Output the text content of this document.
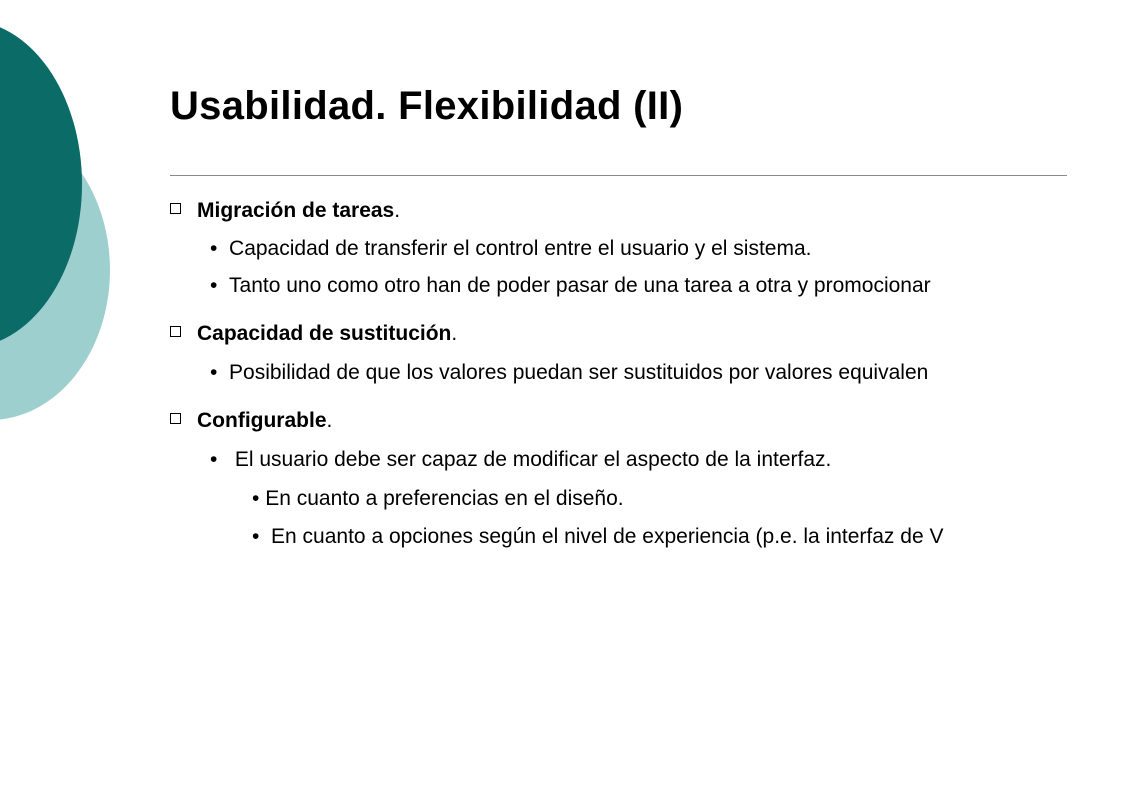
Usabilidad. Flexibilidad (II)
Migración de tareas.
• Capacidad de transferir el control entre el usuario y el sistema.
• Tanto uno como otro han de poder pasar de una tarea a otra y promocionar
Capacidad de sustitución.
• Posibilidad de que los valores puedan ser sustituidos por valores equivalen
Configurable.
• El usuario debe ser capaz de modificar el aspecto de la interfaz.
• En cuanto a preferencias en el diseño.
• En cuanto a opciones según el nivel de experiencia (p.e. la interfaz de V
